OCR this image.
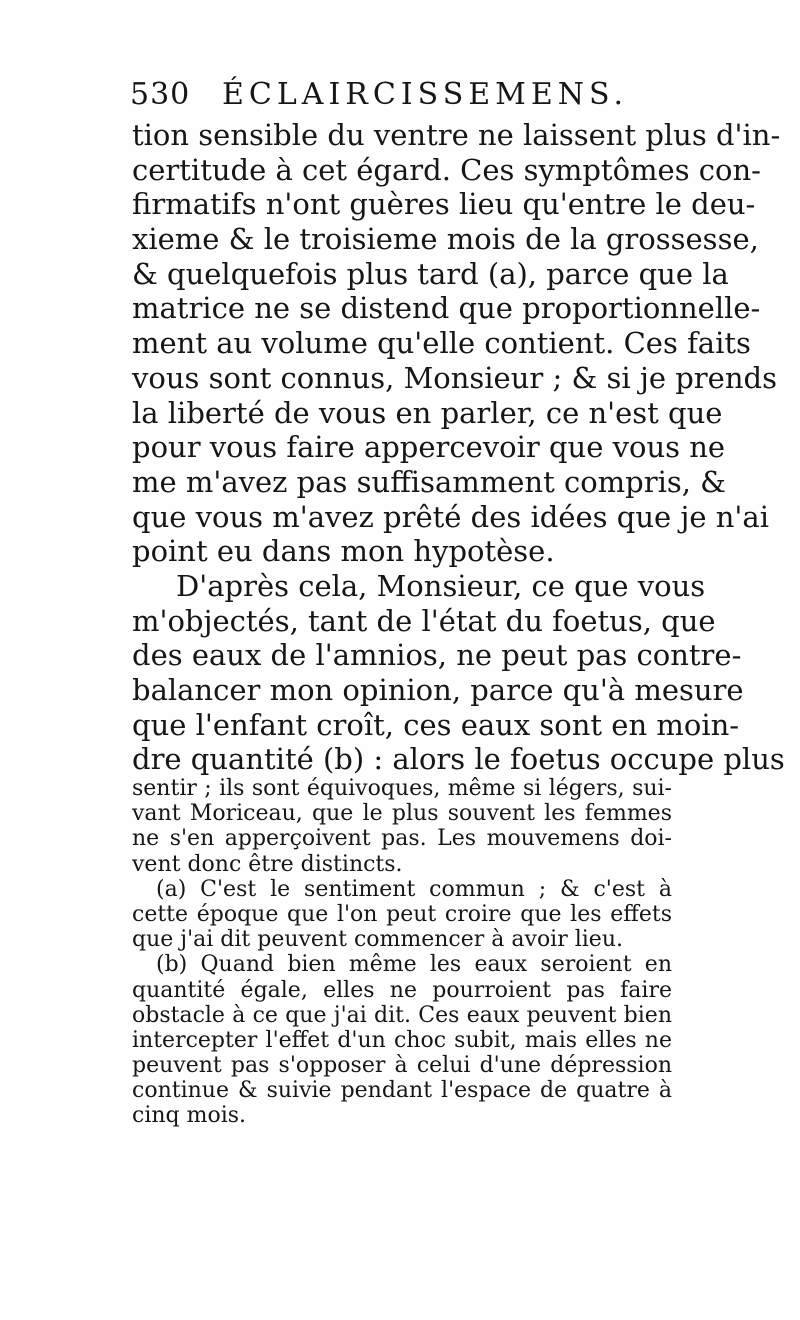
530 ÉCLAIRCISSEMENS.
tion sensible du ventre ne laissent plus d'in-
certitude à cet égard. Ces symptômes con-
firmatifs n'ont guères lieu qu'entre le deu-
xieme & le troisieme mois de la grossesse,
& quelquefois plus tard (a), parce que la
matrice ne se distend que proportionnelle-
ment au volume qu'elle contient. Ces faits
vous sont connus, Monsieur ; & si je prends
la liberté de vous en parler, ce n'est que
pour vous faire appercevoir que vous ne
me m'avez pas suffisamment compris, &
que vous m'avez prêté des idées que je n'ai
point eu dans mon hypotèse.
D'après cela, Monsieur, ce que vous
m'objectés, tant de l'état du foetus, que
des eaux de l'amnios, ne peut pas contre-
balancer mon opinion, parce qu'à mesure
que l'enfant croît, ces eaux sont en moin-
dre quantité (b) : alors le foetus occupe plus
sentir ; ils sont équivoques, même si légers, sui-
vant Moriceau, que le plus souvent les femmes
ne s'en apperçoivent pas. Les mouvemens doi-
vent donc être distincts.
(a) C'est le sentiment commun ; & c'est à
cette époque que l'on peut croire que les effets
que j'ai dit peuvent commencer à avoir lieu.
(b) Quand bien même les eaux seroient en
quantité égale, elles ne pourroient pas faire
obstacle à ce que j'ai dit. Ces eaux peuvent bien
intercepter l'effet d'un choc subit, mais elles ne
peuvent pas s'opposer à celui d'une dépression
continue & suivie pendant l'espace de quatre à
cinq mois.
